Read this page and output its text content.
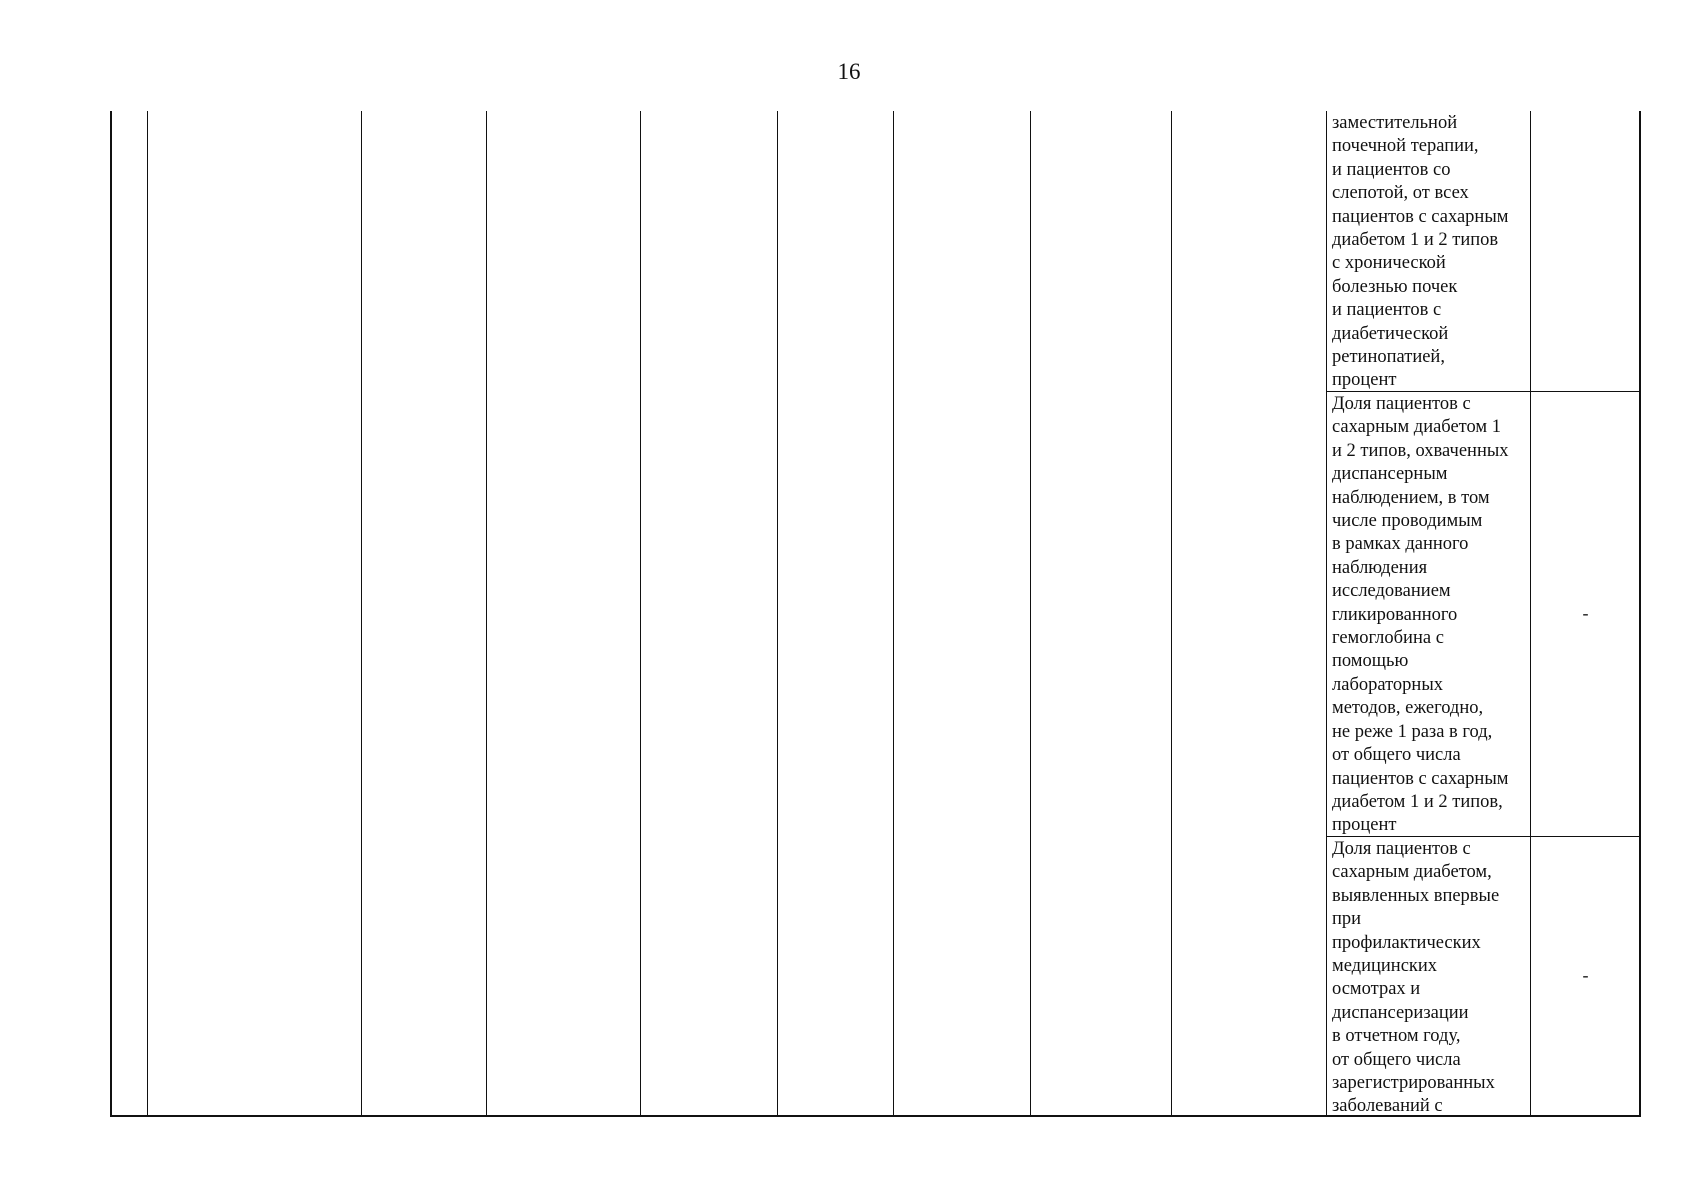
16
заместительной
почечной терапии,
и пациентов со
слепотой, от всех
пациентов с сахарным
диабетом 1 и 2 типов
с хронической
болезнью почек
и пациентов с
диабетической
ретинопатией,
процент
Доля пациентов с
сахарным диабетом 1
и 2 типов, охваченных
диспансерным
наблюдением, в том
числе проводимым
в рамках данного
наблюдения
исследованием
гликированного
гемоглобина с
помощью
лабораторных
методов, ежегодно,
не реже 1 раза в год,
от общего числа
пациентов с сахарным
диабетом 1 и 2 типов,
процент
-
Доля пациентов с
сахарным диабетом,
выявленных впервые
при
профилактических
медицинских
осмотрах и
диспансеризации
в отчетном году,
от общего числа
зарегистрированных
заболеваний с
-
